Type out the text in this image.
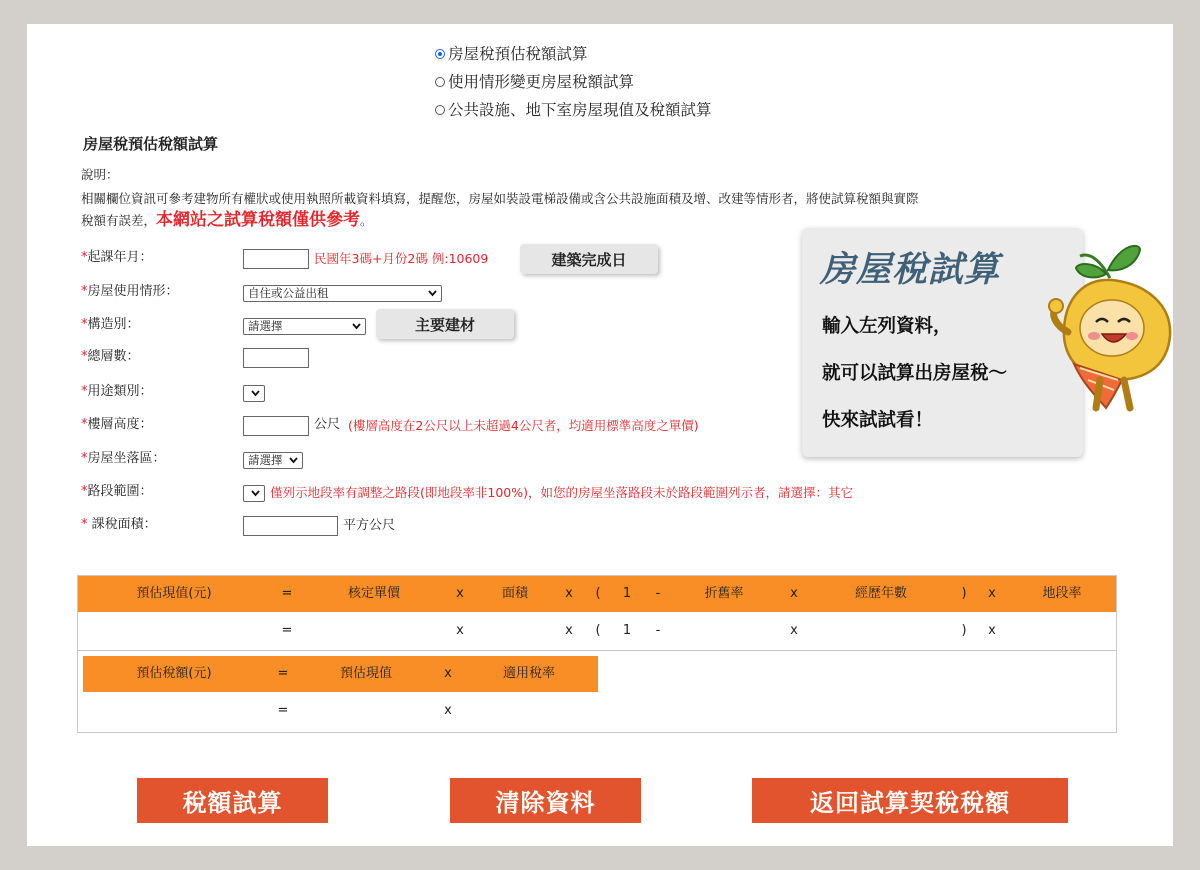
房屋稅預估稅額試算
使用情形變更房屋稅額試算
公共設施、地下室房屋現值及稅額試算
房屋稅預估稅額試算
說明：
相關欄位資訊可參考建物所有權狀或使用執照所載資料填寫，提醒您，房屋如裝設電梯設備或含公共設施面積及增、改建等情形者，將使試算稅額與實際
稅額有誤差，本網站之試算稅額僅供參考。
*起課年月：	民國年3碼+月份2碼 例:10609	建築完成日
*房屋使用情形：	自住或公益出租
*構造別：	請選擇	主要建材
*總層數：
*用途類別：
*樓層高度：	公尺 (樓層高度在2公尺以上未超過4公尺者，均適用標準高度之單價)
*房屋坐落區：	請選擇
*路段範圍：	僅列示地段率有調整之路段(即地段率非100%)，如您的房屋坐落路段未於路段範圍列示者，請選擇：其它
* 課稅面積：	平方公尺
房屋稅試算
輸入左列資料，
就可以試算出房屋稅～
快來試試看！
預估現值(元)	=	核定單價	x	面積	x ( 1 -	折舊率	x	經歷年數	) x	地段率
=	x	x ( 1 -	x	) x
預估稅額(元)	=	預估現值	x	適用稅率
=	x
稅額試算	清除資料	返回試算契稅稅額
